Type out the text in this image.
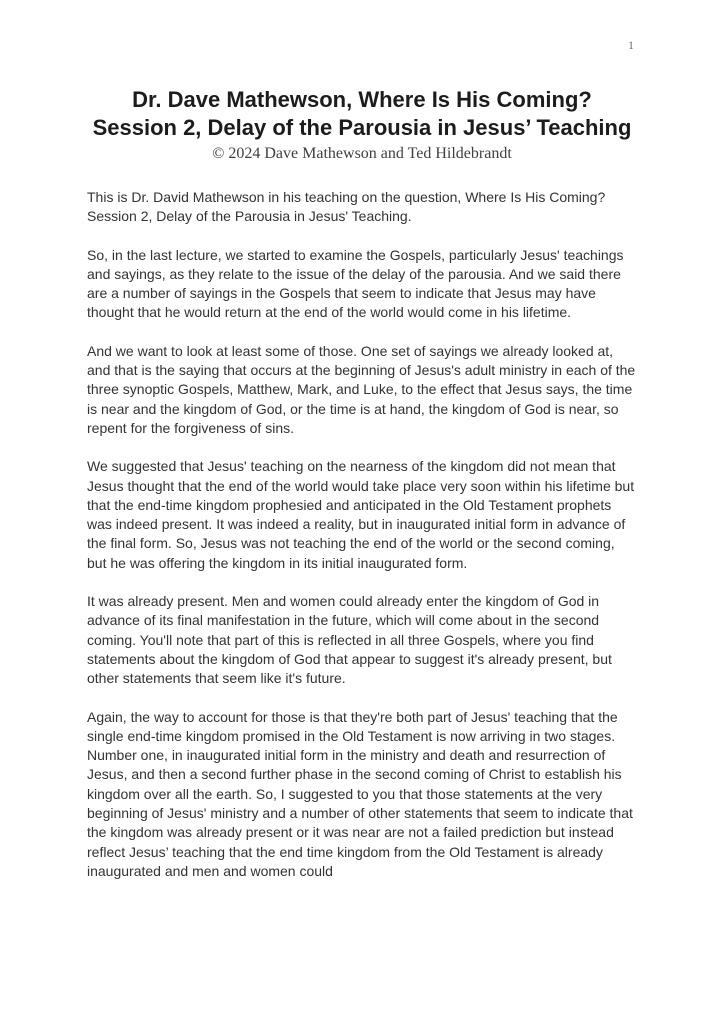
1
Dr. Dave Mathewson, Where Is His Coming?
Session 2, Delay of the Parousia in Jesus’ Teaching
© 2024 Dave Mathewson and Ted Hildebrandt

This is Dr. David Mathewson in his teaching on the question, Where Is His Coming? Session 2, Delay of the Parousia in Jesus' Teaching.

So, in the last lecture, we started to examine the Gospels, particularly Jesus' teachings and sayings, as they relate to the issue of the delay of the parousia. And we said there are a number of sayings in the Gospels that seem to indicate that Jesus may have thought that he would return at the end of the world would come in his lifetime.

And we want to look at least some of those. One set of sayings we already looked at, and that is the saying that occurs at the beginning of Jesus's adult ministry in each of the three synoptic Gospels, Matthew, Mark, and Luke, to the effect that Jesus says, the time is near and the kingdom of God, or the time is at hand, the kingdom of God is near, so repent for the forgiveness of sins.

We suggested that Jesus' teaching on the nearness of the kingdom did not mean that Jesus thought that the end of the world would take place very soon within his lifetime but that the end-time kingdom prophesied and anticipated in the Old Testament prophets was indeed present. It was indeed a reality, but in inaugurated initial form in advance of the final form. So, Jesus was not teaching the end of the world or the second coming, but he was offering the kingdom in its initial inaugurated form.

It was already present. Men and women could already enter the kingdom of God in advance of its final manifestation in the future, which will come about in the second coming. You'll note that part of this is reflected in all three Gospels, where you find statements about the kingdom of God that appear to suggest it's already present, but other statements that seem like it's future.

Again, the way to account for those is that they're both part of Jesus' teaching that the single end-time kingdom promised in the Old Testament is now arriving in two stages. Number one, in inaugurated initial form in the ministry and death and resurrection of Jesus, and then a second further phase in the second coming of Christ to establish his kingdom over all the earth. So, I suggested to you that those statements at the very beginning of Jesus' ministry and a number of other statements that seem to indicate that the kingdom was already present or it was near are not a failed prediction but instead reflect Jesus’ teaching that the end time kingdom from the Old Testament is already inaugurated and men and women could
